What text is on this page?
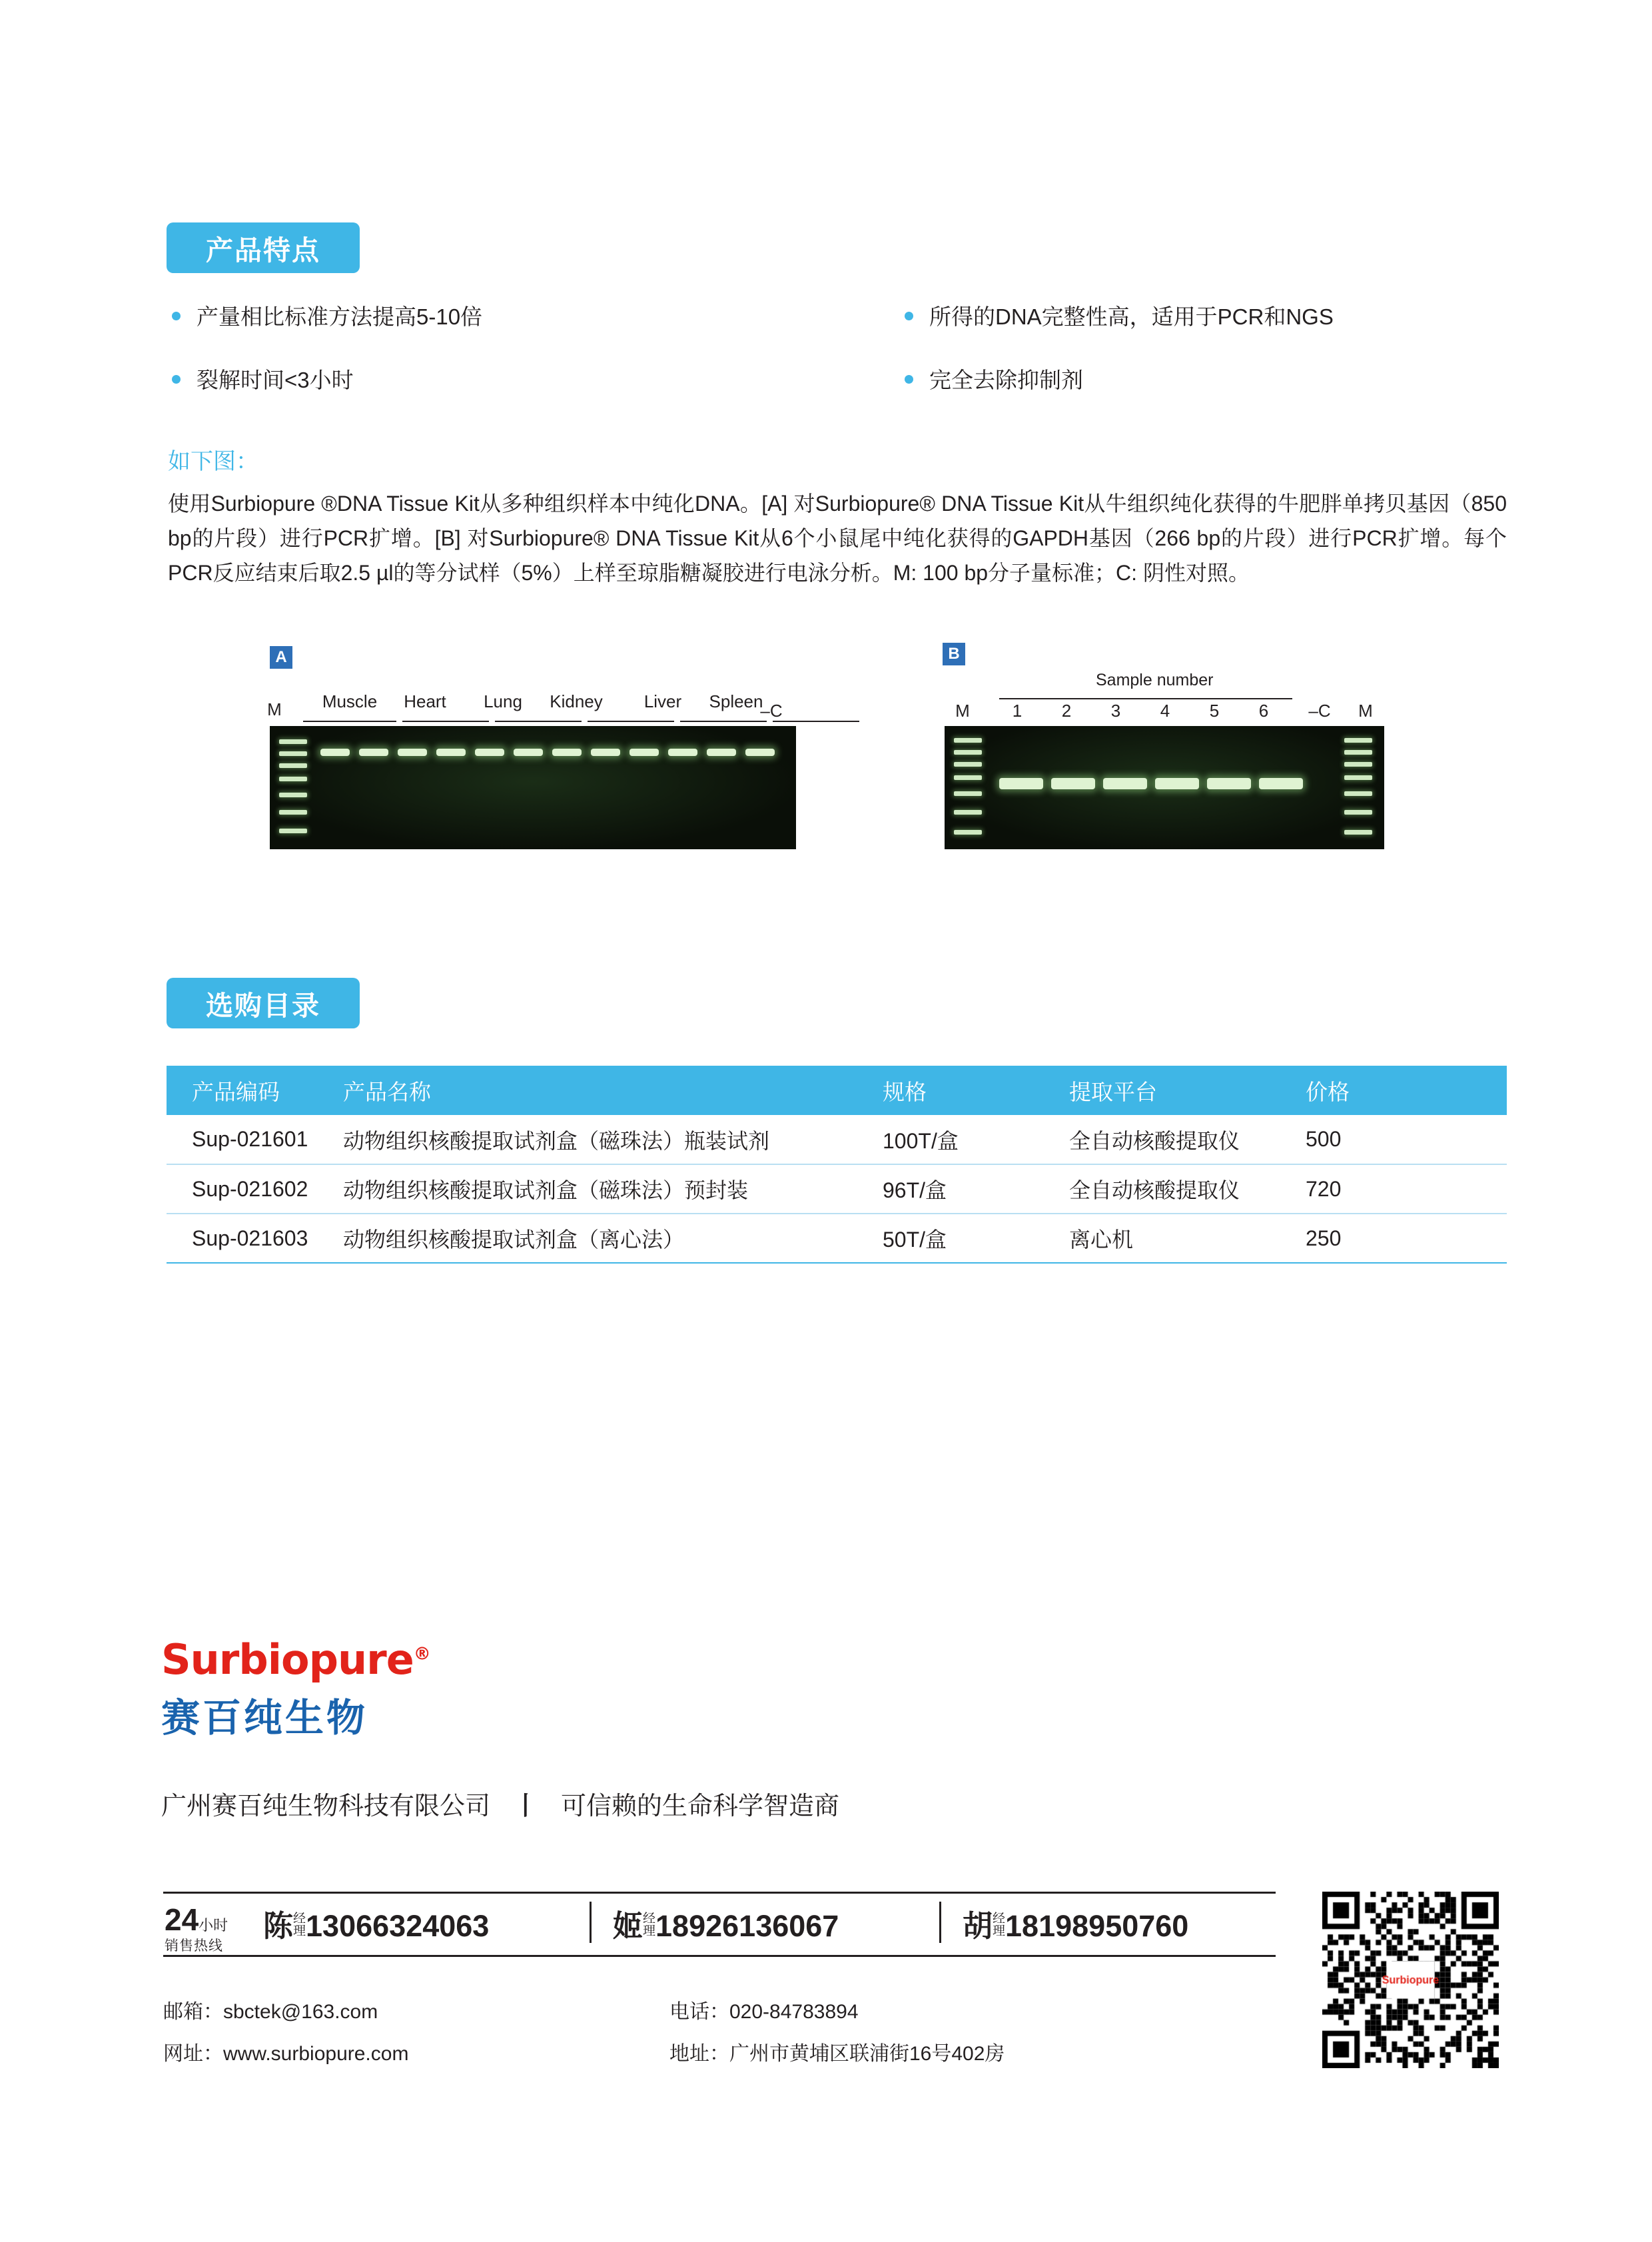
产品特点
产量相比标准方法提高5-10倍	所得的DNA完整性高，适用于PCR和NGS
裂解时间<3小时	完全去除抑制剂
如下图：
使用Surbiopure ®DNA Tissue Kit从多种组织样本中纯化DNA。[A] 对Surbiopure® DNA Tissue Kit从牛组织纯化获得的牛肥胖单拷贝基因（850 bp的片段）进行PCR扩增。[B] 对Surbiopure® DNA Tissue Kit从6个小鼠尾中纯化获得的GAPDH基因（266 bp的片段）进行PCR扩增。每个PCR反应结束后取2.5 µl的等分试样（5%）上样至琼脂糖凝胶进行电泳分析。M: 100 bp分子量标准；C: 阴性对照。
A
M	Muscle	Heart	Lung	Kidney	Liver	Spleen
–C
B
Sample number
M	1 2 3 4 5 6	–C	M
选购目录
产品编码	产品名称	规格	提取平台	价格
Sup-021601	动物组织核酸提取试剂盒（磁珠法）瓶装试剂	100T/盒	全自动核酸提取仪	500
Sup-021602	动物组织核酸提取试剂盒（磁珠法）预封装	96T/盒	全自动核酸提取仪	720
Sup-021603	动物组织核酸提取试剂盒（离心法）	50T/盒	离心机	250
Surbiopure®
赛百纯生物
广州赛百纯生物科技有限公司 丨 可信赖的生命科学智造商
24小时
销售热线
陈经
理13066324063	姬经
理18926136067	胡经
理18198950760
邮箱：sbctek@163.com
网址：www.surbiopure.com
电话：020-84783894
地址：广州市黄埔区联浦街16号402房
